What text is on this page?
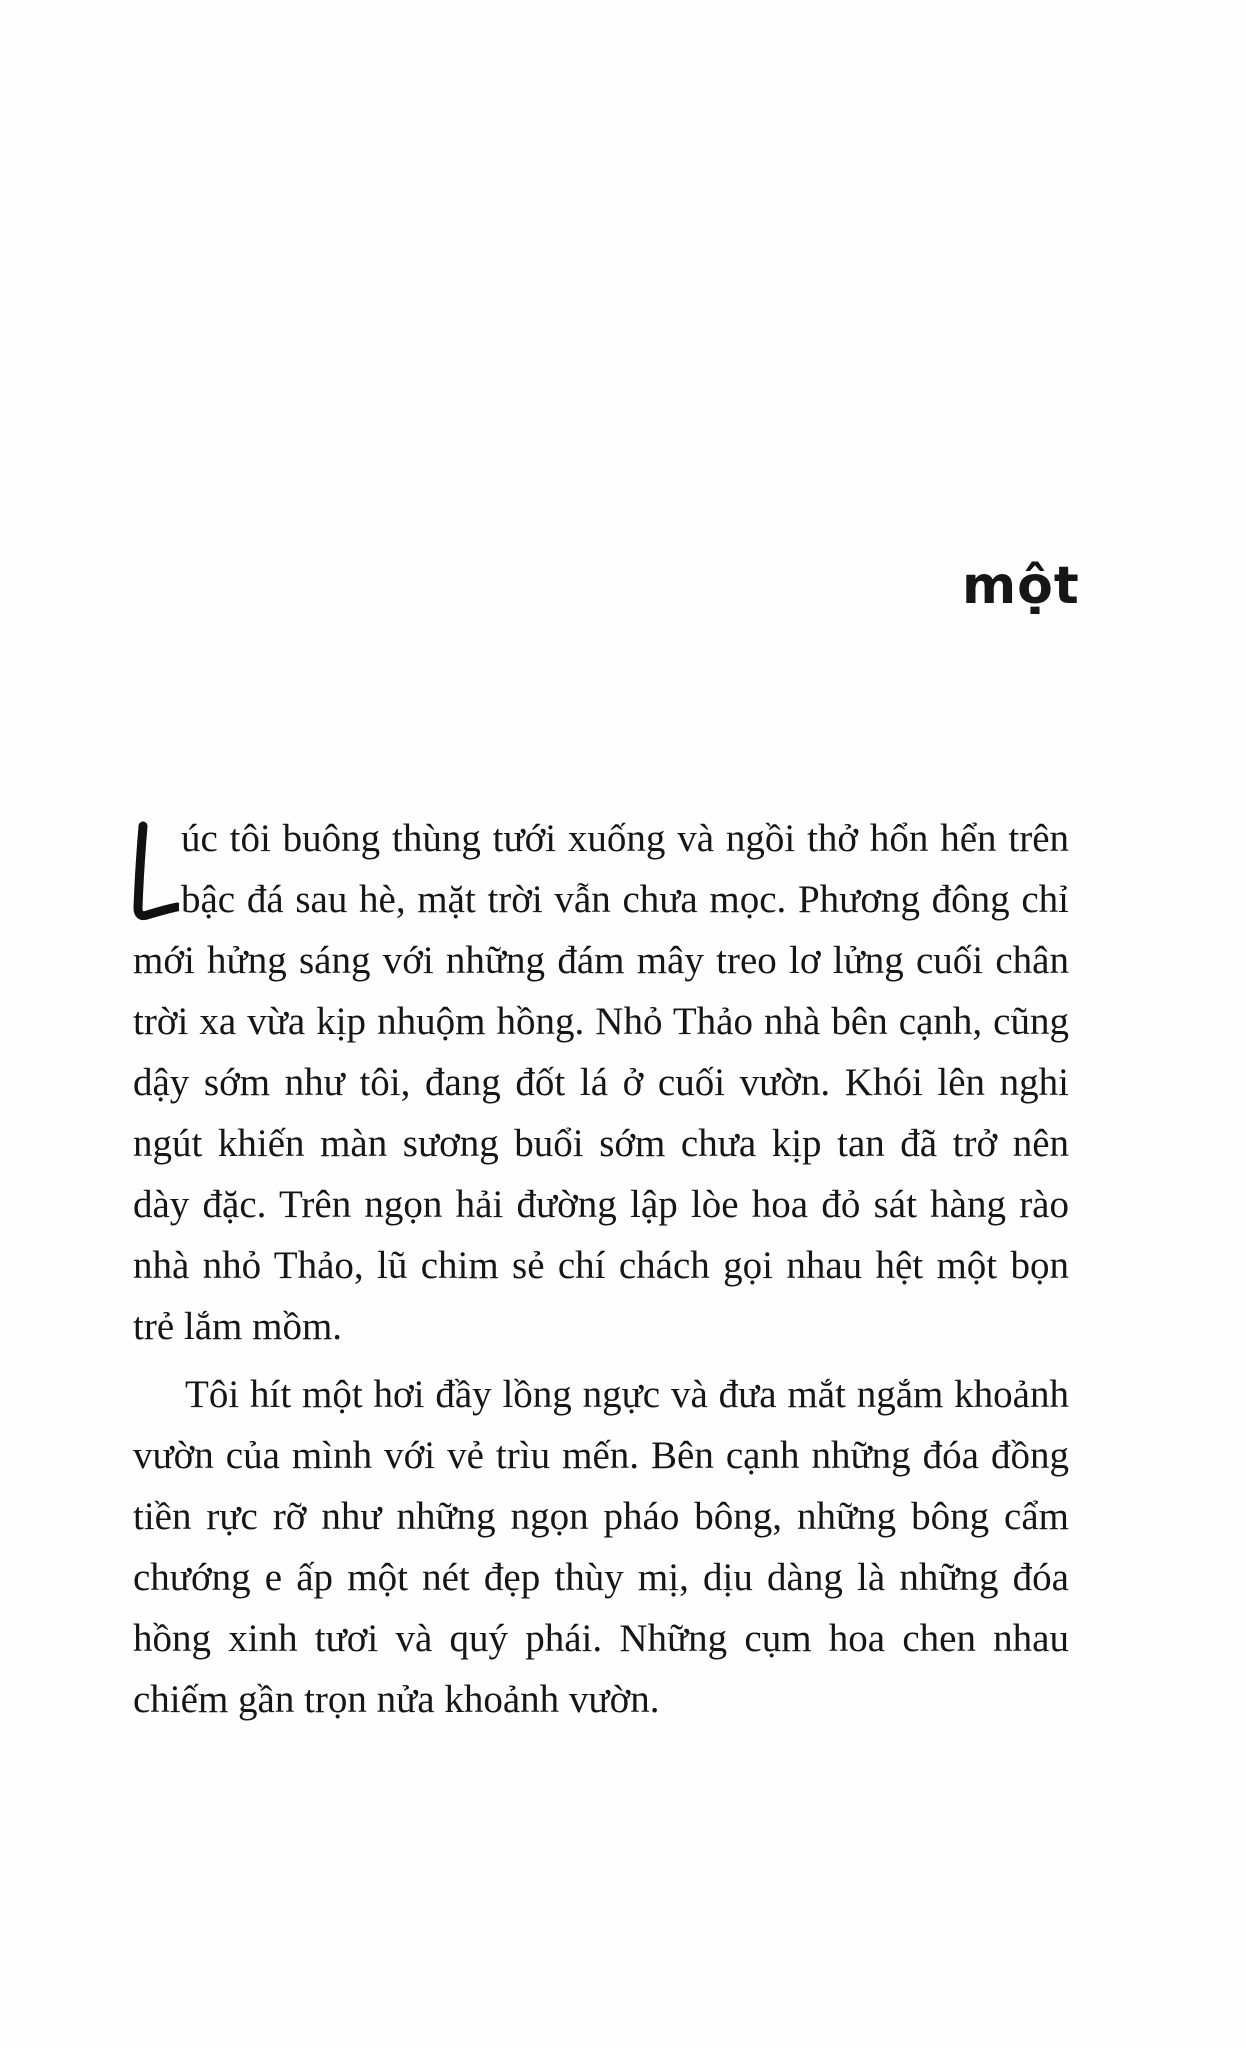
một

úc tôi buông thùng tưới xuống và ngồi thở hổn hển trên bậc đá sau hè, mặt trời vẫn chưa mọc. Phương đông chỉ mới hửng sáng với những đám mây treo lơ lửng cuối chân trời xa vừa kịp nhuộm hồng. Nhỏ Thảo nhà bên cạnh, cũng dậy sớm như tôi, đang đốt lá ở cuối vườn. Khói lên nghi ngút khiến màn sương buổi sớm chưa kịp tan đã trở nên dày đặc. Trên ngọn hải đường lập lòe hoa đỏ sát hàng rào nhà nhỏ Thảo, lũ chim sẻ chí chách gọi nhau hệt một bọn trẻ lắm mồm.

Tôi hít một hơi đầy lồng ngực và đưa mắt ngắm khoảnh vườn của mình với vẻ trìu mến. Bên cạnh những đóa đồng tiền rực rỡ như những ngọn pháo bông, những bông cẩm chướng e ấp một nét đẹp thùy mị, dịu dàng là những đóa hồng xinh tươi và quý phái. Những cụm hoa chen nhau chiếm gần trọn nửa khoảnh vườn.
